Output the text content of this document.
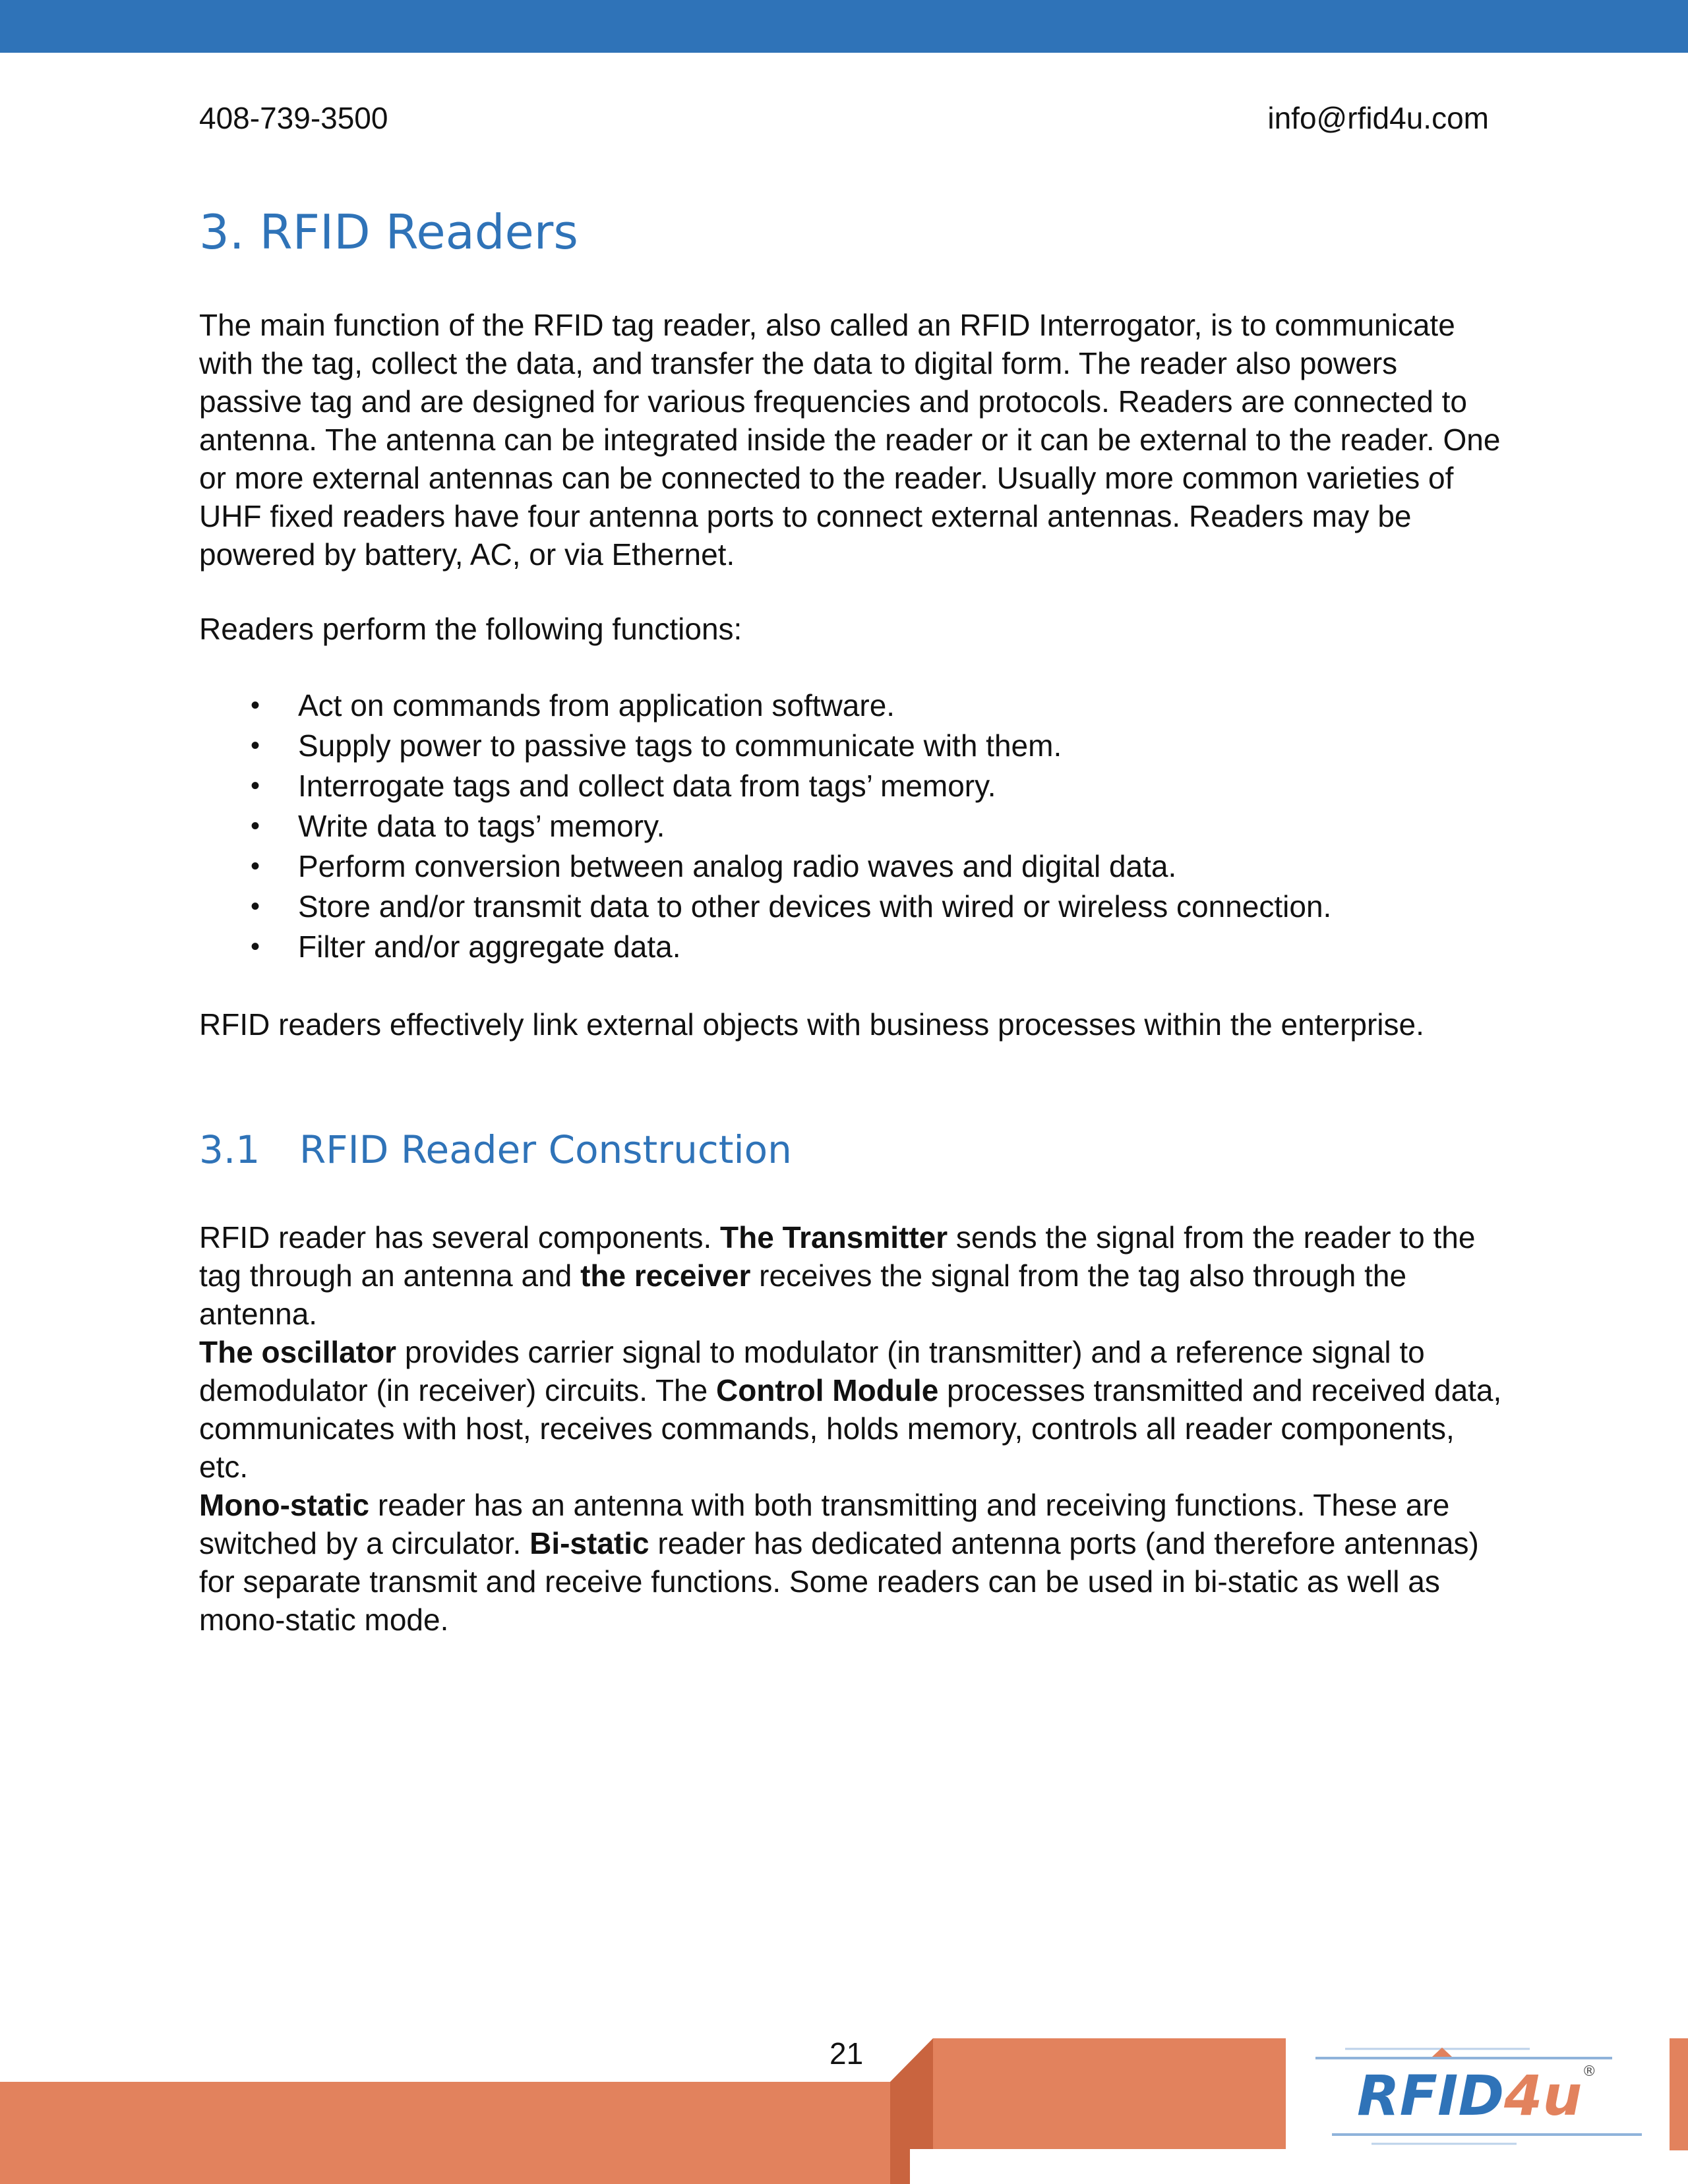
408-739-3500	info@rfid4u.com
3. RFID Readers

The main function of the RFID tag reader, also called an RFID Interrogator, is to communicate with the tag, collect the data, and transfer the data to digital form. The reader also powers passive tag and are designed for various frequencies and protocols. Readers are connected to antenna. The antenna can be integrated inside the reader or it can be external to the reader. One or more external antennas can be connected to the reader. Usually more common varieties of UHF fixed readers have four antenna ports to connect external antennas. Readers may be powered by battery, AC, or via Ethernet.

Readers perform the following functions:

• Act on commands from application software.
• Supply power to passive tags to communicate with them.
• Interrogate tags and collect data from tags’ memory.
• Write data to tags’ memory.
• Perform conversion between analog radio waves and digital data.
• Store and/or transmit data to other devices with wired or wireless connection.
• Filter and/or aggregate data.

RFID readers effectively link external objects with business processes within the enterprise.

3.1 RFID Reader Construction

RFID reader has several components. The Transmitter sends the signal from the reader to the tag through an antenna and the receiver receives the signal from the tag also through the antenna.
The oscillator provides carrier signal to modulator (in transmitter) and a reference signal to demodulator (in receiver) circuits. The Control Module processes transmitted and received data, communicates with host, receives commands, holds memory, controls all reader components, etc.
Mono-static reader has an antenna with both transmitting and receiving functions. These are switched by a circulator. Bi-static reader has dedicated antenna ports (and therefore antennas) for separate transmit and receive functions. Some readers can be used in bi-static as well as mono-static mode.

21
RFID4u®
